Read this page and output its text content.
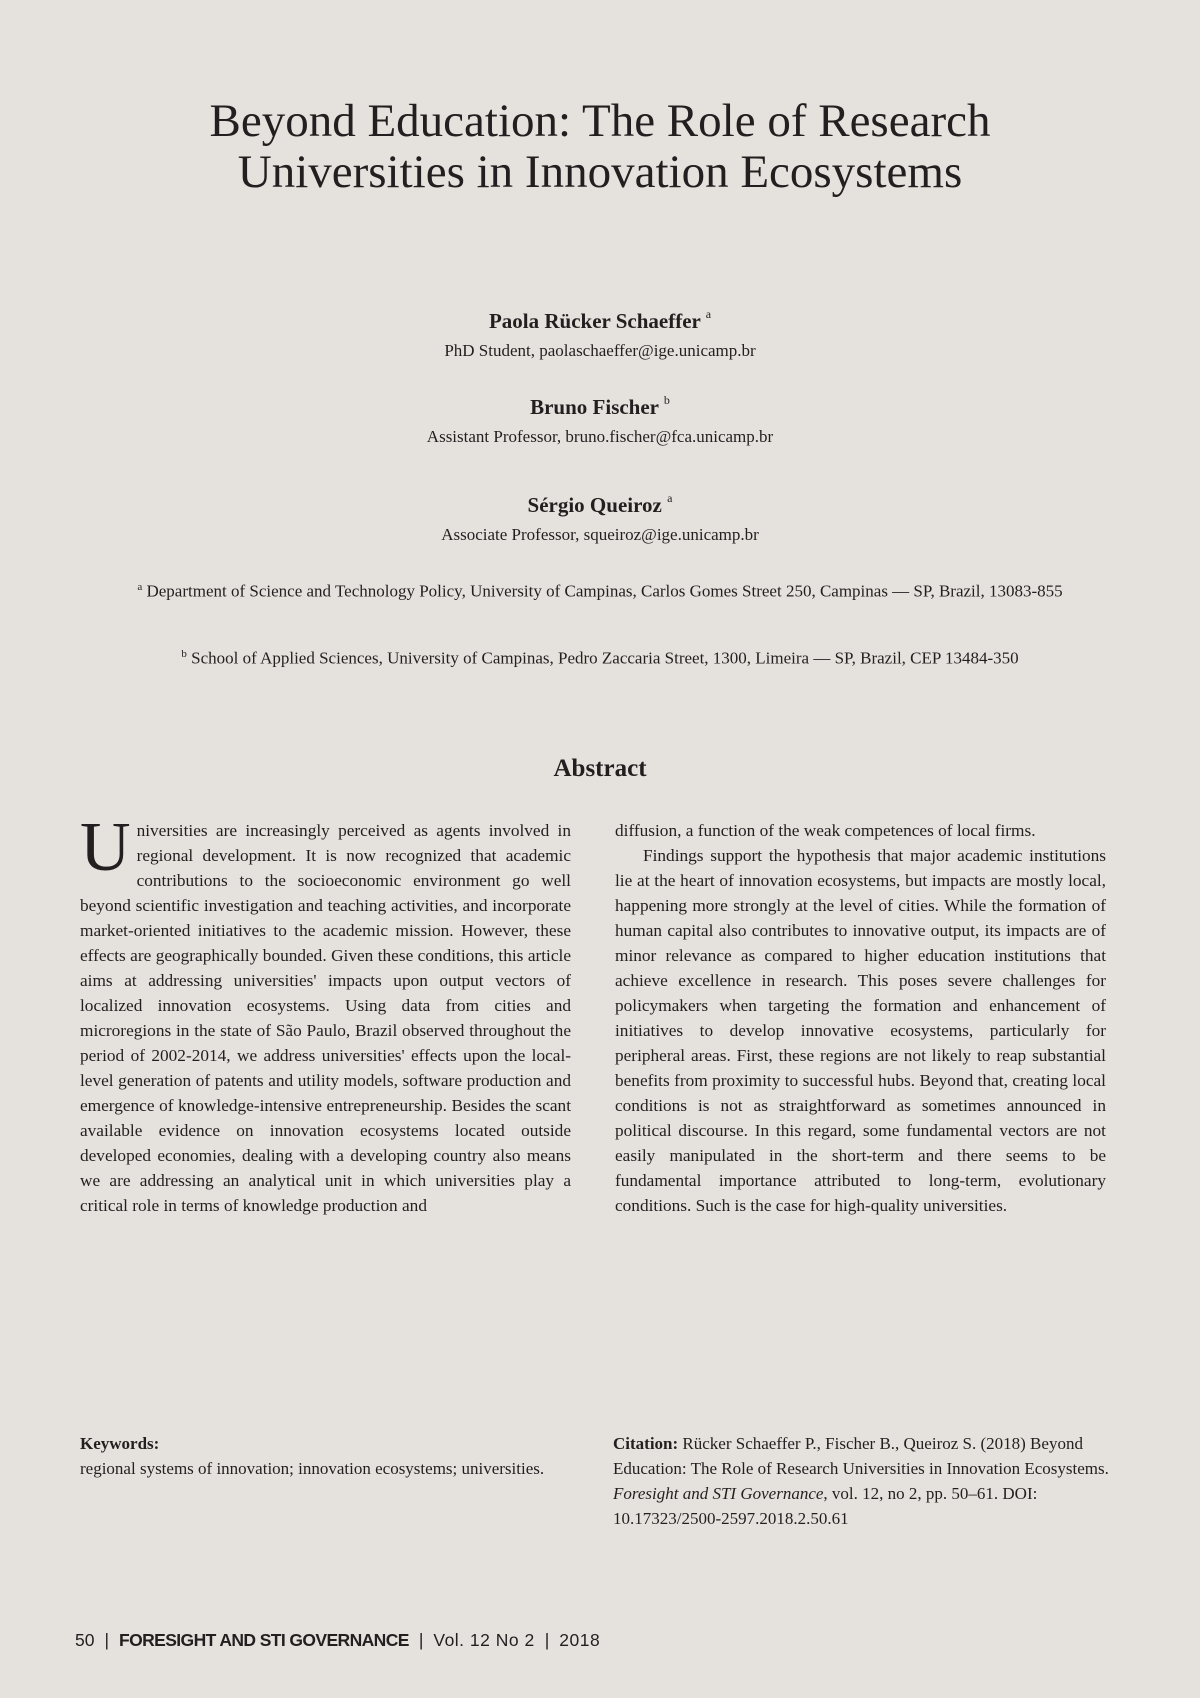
Beyond Education: The Role of Research
Universities in Innovation Ecosystems
Paola Rücker Schaeffer $^a$
PhD Student, paolaschaeffer@ige.unicamp.br
Bruno Fischer $^b$
Assistant Professor, bruno.fischer@fca.unicamp.br
Sérgio Queiroz $^a$
Associate Professor, squeiroz@ige.unicamp.br
$^a$ Department of Science and Technology Policy, University of Campinas, Carlos Gomes Street 250, Campinas — SP, Brazil, 13083-855
$^b$ School of Applied Sciences, University of Campinas, Pedro Zaccaria Street, 1300, Limeira — SP, Brazil, CEP 13484-350
Abstract

Universities are increasingly perceived as agents involved in regional development. It is now recognized that academic contributions to the socioeconomic environment go well beyond scientific investigation and teaching activities, and incorporate market-oriented initiatives to the academic mission. However, these effects are geographically bounded. Given these conditions, this article aims at addressing universities' impacts upon output vectors of localized innovation ecosystems. Using data from cities and microregions in the state of São Paulo, Brazil observed throughout the period of 2002-2014, we address universities' effects upon the local-level generation of patents and utility models, software production and emergence of knowledge-intensive entrepreneurship. Besides the scant available evidence on innovation ecosystems located outside developed economies, dealing with a developing country also means we are addressing an analytical unit in which universities play a critical role in terms of knowledge production and

diffusion, a function of the weak competences of local firms.

Findings support the hypothesis that major academic institutions lie at the heart of innovation ecosystems, but impacts are mostly local, happening more strongly at the level of cities. While the formation of human capital also contributes to innovative output, its impacts are of minor relevance as compared to higher education institutions that achieve excellence in research. This poses severe challenges for policymakers when targeting the formation and enhancement of initiatives to develop innovative ecosystems, particularly for peripheral areas. First, these regions are not likely to reap substantial benefits from proximity to successful hubs. Beyond that, creating local conditions is not as straightforward as sometimes announced in political discourse. In this regard, some fundamental vectors are not easily manipulated in the short-term and there seems to be fundamental importance attributed to long-term, evolutionary conditions. Such is the case for high-quality universities.

Keywords:
regional systems of innovation; innovation ecosystems; universities.
Citation: Rücker Schaeffer P., Fischer B., Queiroz S. (2018) Beyond Education: The Role of Research Universities in Innovation Ecosystems. Foresight and STI Governance, vol. 12, no 2, pp. 50–61. DOI: 10.17323/2500-2597.2018.2.50.61
50 | FORESIGHT AND STI GOVERNANCE | Vol. 12 No 2 | 2018
